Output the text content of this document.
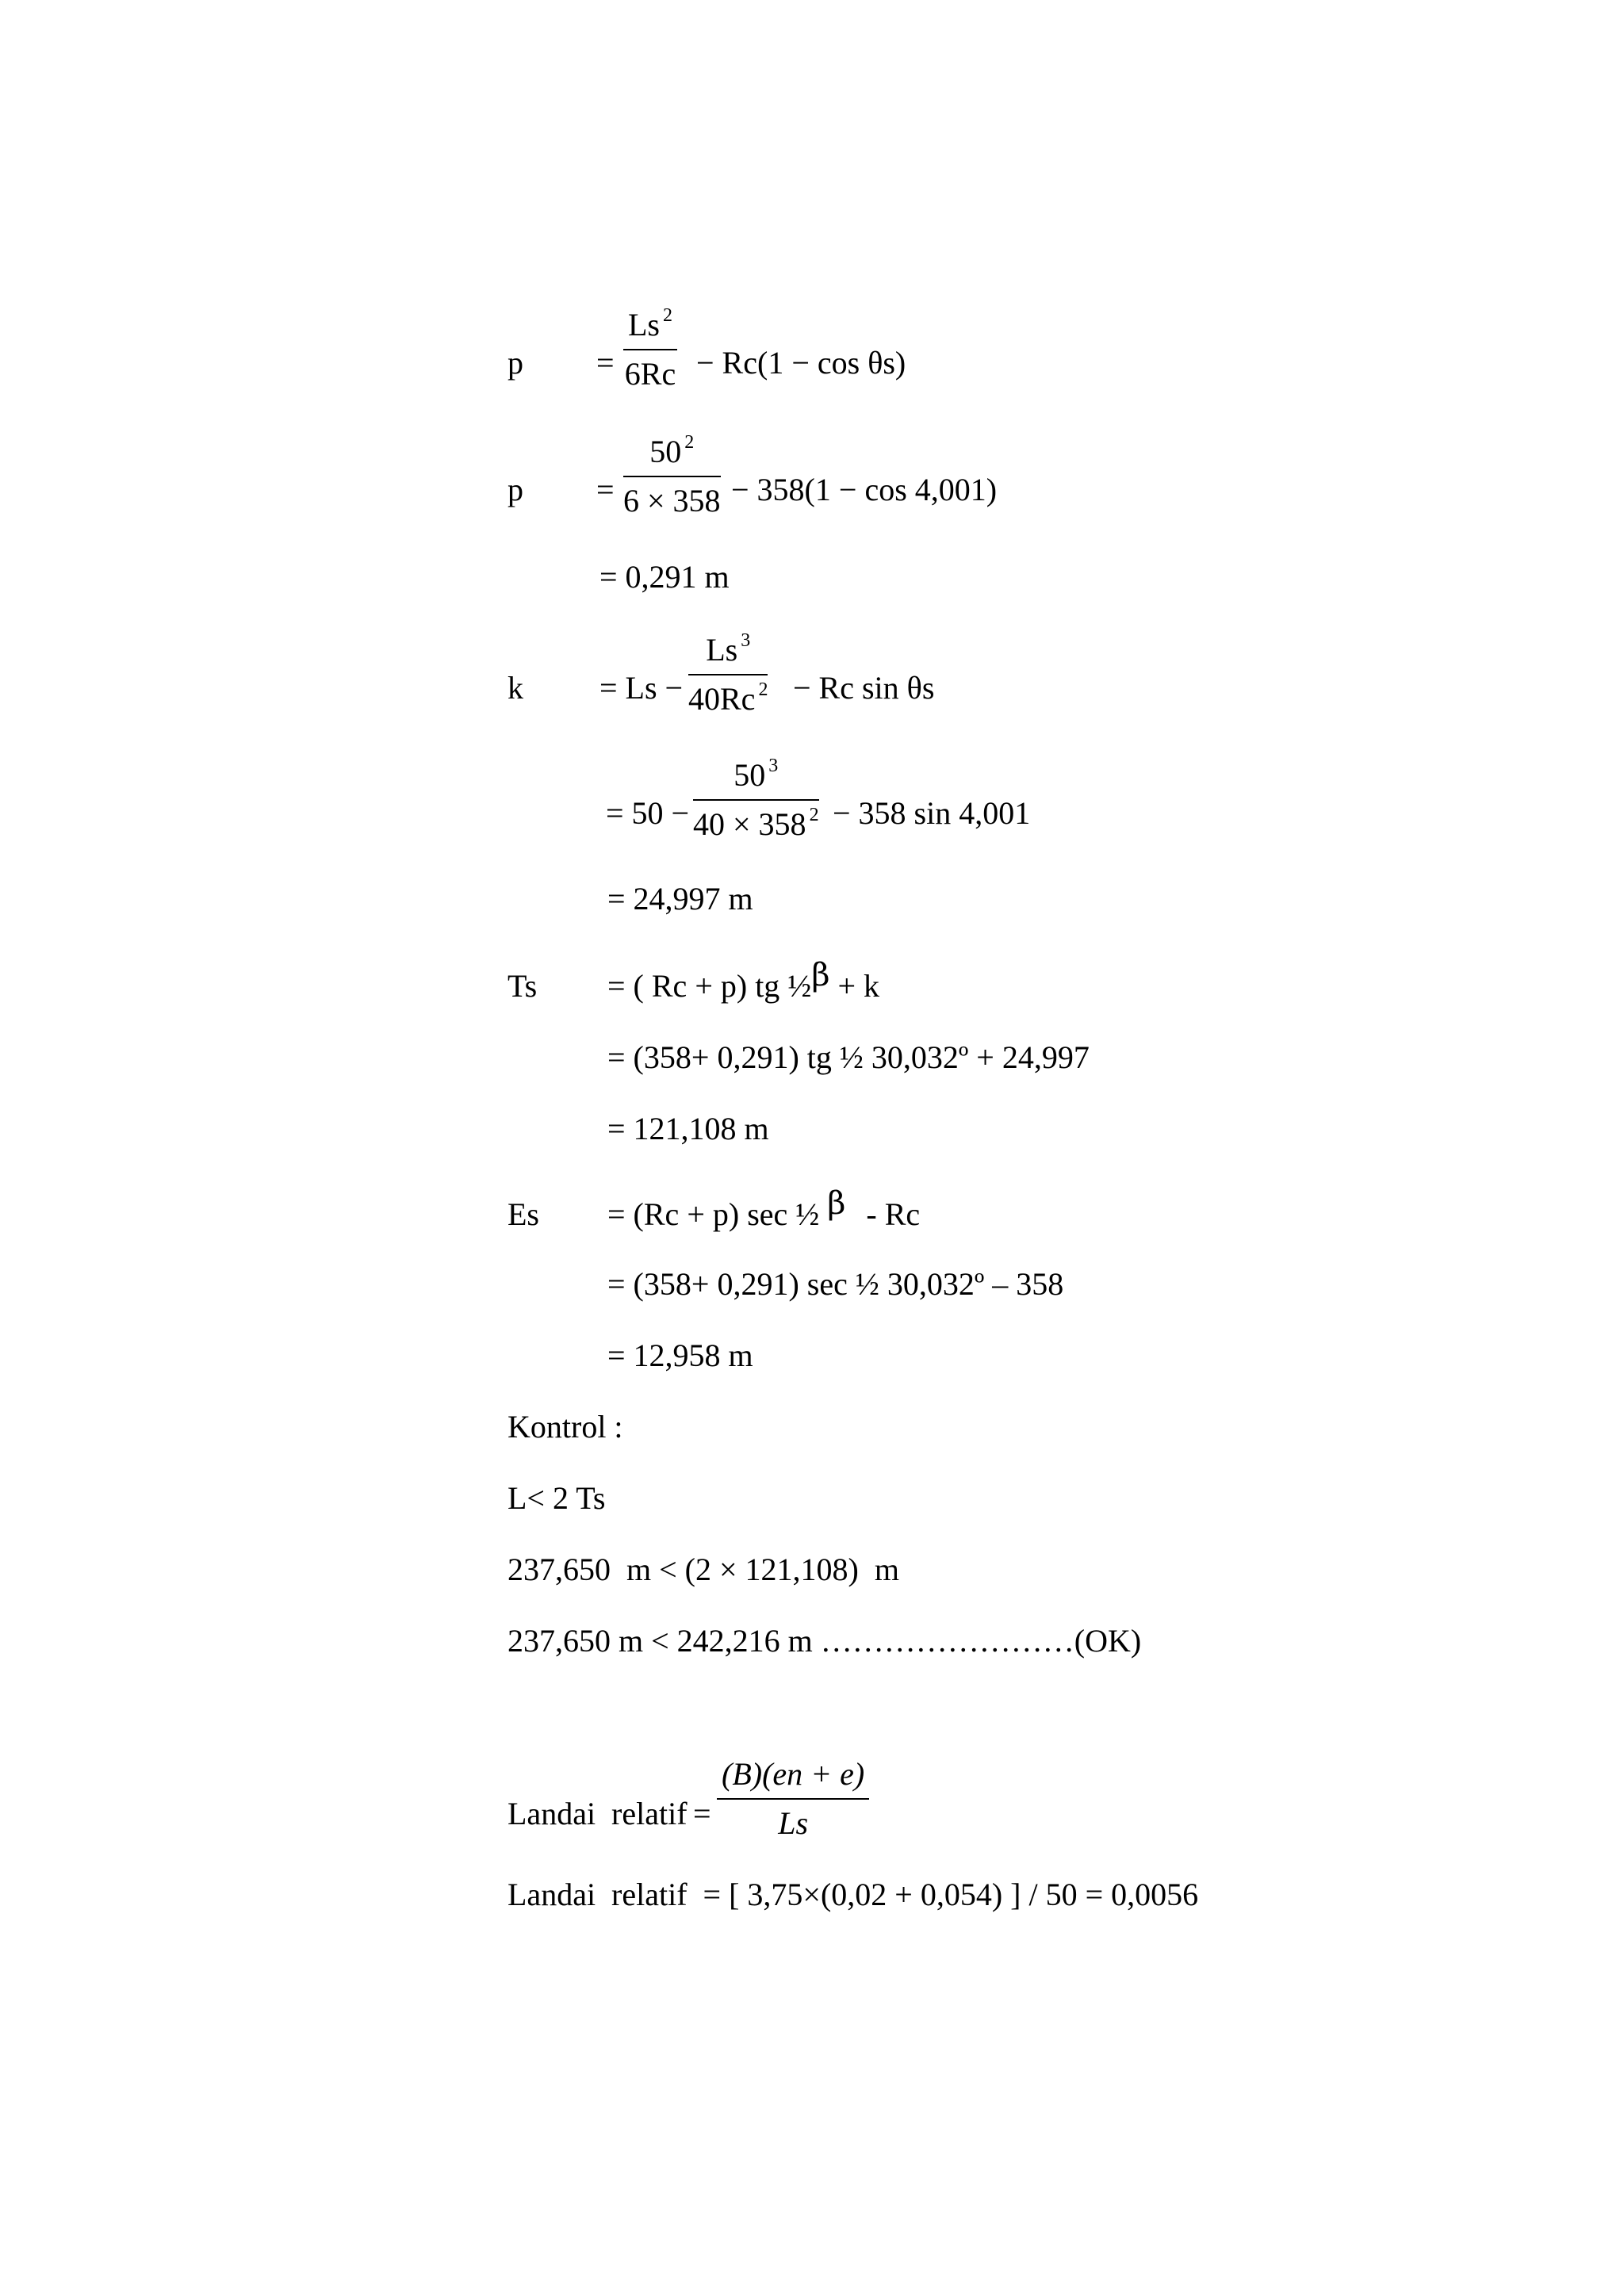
p =
Ls $^2$
6Rc − Rc(1 − cos θs)
p =
50 $^2$
6 × 358 − 358(1 − cos 4,001)
= 0,291 m
k = Ls −
Ls $^3$
40Rc $^2$ − Rc sin θs
= 50 −
50 $^3$
40 × 358 $^2$ − 358 sin 4,001
= 24,997 m
Ts = ( Rc + p) tg ½β + k
= (358+ 0,291) tg ½ 30,032º + 24,997
= 121,108 m
Es = (Rc + p) sec ½ β - Rc
= (358+ 0,291) sec ½ 30,032º – 358
= 12,958 m
Kontrol :
L< 2 Ts
237,650  m < (2 × 121,108)  m
237,650 m < 242,216 m ……………………(OK)
Landai  relatif =
(B)(en + e)
Ls
Landai  relatif  = [ 3,75×(0,02 + 0,054) ] / 50 = 0,0056
